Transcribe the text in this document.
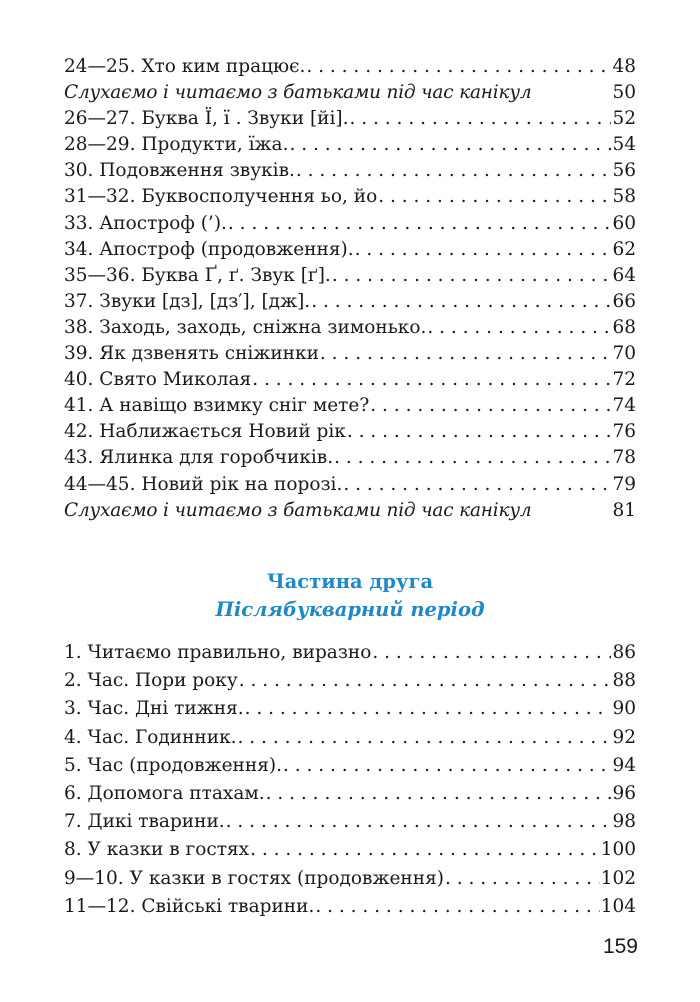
24—25. Хто ким працює. . . .	48
Слухаємо і читаємо з батьками під час канікул	50
26—27. Буква Ї, ї . Звуки [йі]. . . .	52
28—29. Продукти, їжа. . . .	54
30. Подовження звуків. . . .	56
31—32. Буквосполучення ьо, йо . . .	58
33. Апостроф (’). . . .	60
34. Апостроф (продовження). . . .	62
35—36. Буква Ґ, ґ. Звук [ґ]. . . .	64
37. Звуки [дз], [дз′], [дж]. . . .	66
38. Заходь, заходь, сніжна зимонько. . . .	68
39. Як дзвенять сніжинки . . .	70
40. Свято Миколая . . .	72
41. А навіщо взимку сніг мете? . . .	74
42. Наближається Новий рік . . .	76
43. Ялинка для горобчиків. . . .	78
44—45. Новий рік на порозі. . . .	79
Слухаємо і читаємо з батьками під час канікул	81
Частина друга
Післябукварний період
1. Читаємо правильно, виразно . . .	86
2. Час. Пори року . . .	88
3. Час. Дні тижня. . . .	90
4. Час. Годинник. . . .	92
5. Час (продовження). . . .	94
6. Допомога птахам. . . .	96
7. Дикі тварини. . . .	98
8. У казки в гостях . . .	100
9—10. У казки в гостях (продовження) . . .	102
11—12. Свійські тварини. . . .	104
159
